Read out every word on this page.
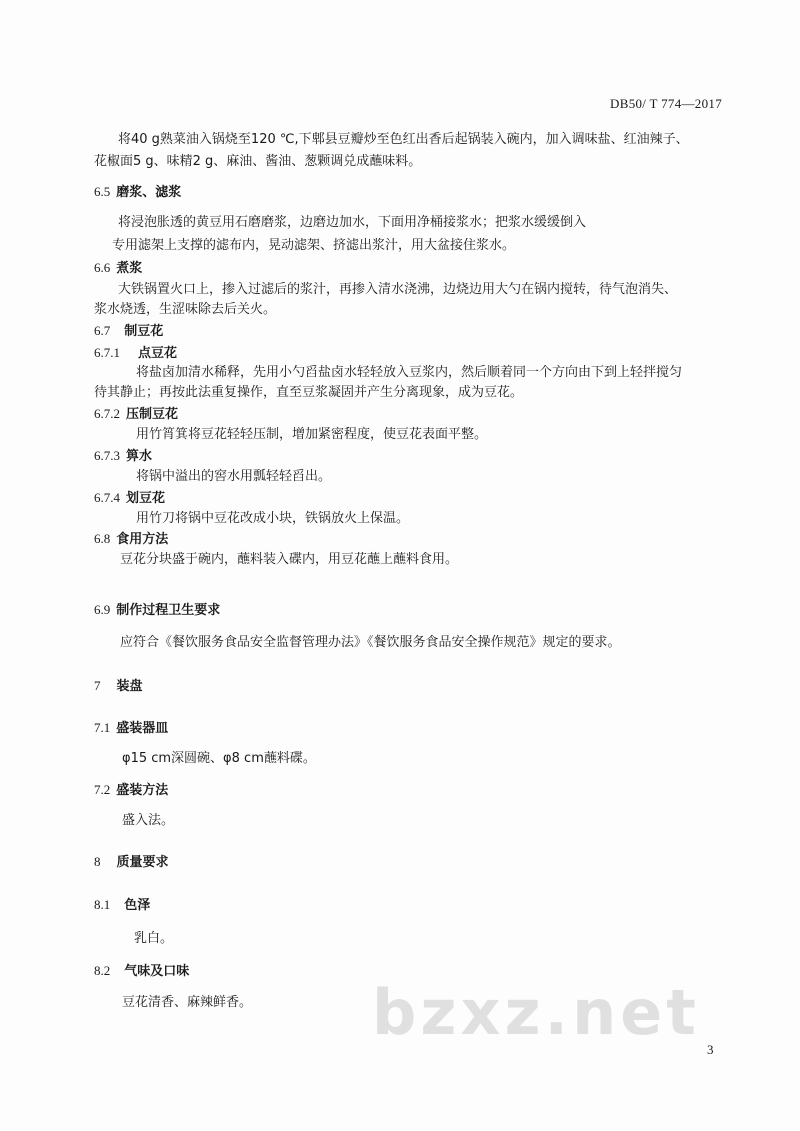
DB50/ T 774—2017
将40 g熟菜油入锅烧至120 ℃,下郫县豆瓣炒至色红出香后起锅装入碗内，加入调味盐、红油辣子、
花椒面5 g、味精2 g、麻油、酱油、葱颗调兑成蘸味料。
6.5 磨浆、滤浆
将浸泡胀透的黄豆用石磨磨浆，边磨边加水，下面用净桶接浆水；把浆水缓缓倒入
专用滤架上支撑的滤布内，晃动滤架、挤滤出浆汁，用大盆接住浆水。
6.6 煮浆
大铁锅置火口上，掺入过滤后的浆汁，再掺入清水浇沸，边烧边用大勺在锅内搅转，待气泡消失、
浆水烧透，生涩味除去后关火。
6.7 制豆花
6.7.1 点豆花
将盐卤加清水稀释，先用小勺舀盐卤水轻轻放入豆浆内，然后顺着同一个方向由下到上轻拌搅匀
待其静止；再按此法重复操作，直至豆浆凝固并产生分离现象，成为豆花。
6.7.2 压制豆花
用竹筲箕将豆花轻轻压制，增加紧密程度，使豆花表面平整。
6.7.3 箅水
将锅中溢出的窖水用瓢轻轻舀出。
6.7.4 划豆花
用竹刀将锅中豆花改成小块，铁锅放火上保温。
6.8 食用方法
豆花分块盛于碗内，蘸料装入碟内，用豆花蘸上蘸料食用。
6.9 制作过程卫生要求
应符合《餐饮服务食品安全监督管理办法》《餐饮服务食品安全操作规范》规定的要求。
7 装盘
7.1 盛装器皿
φ15 cm深圆碗、φ8 cm蘸料碟。
7.2 盛装方法
盛入法。
8 质量要求
8.1 色泽
乳白。
8.2 气味及口味
豆花清香、麻辣鲜香。 bzxz.net
3
